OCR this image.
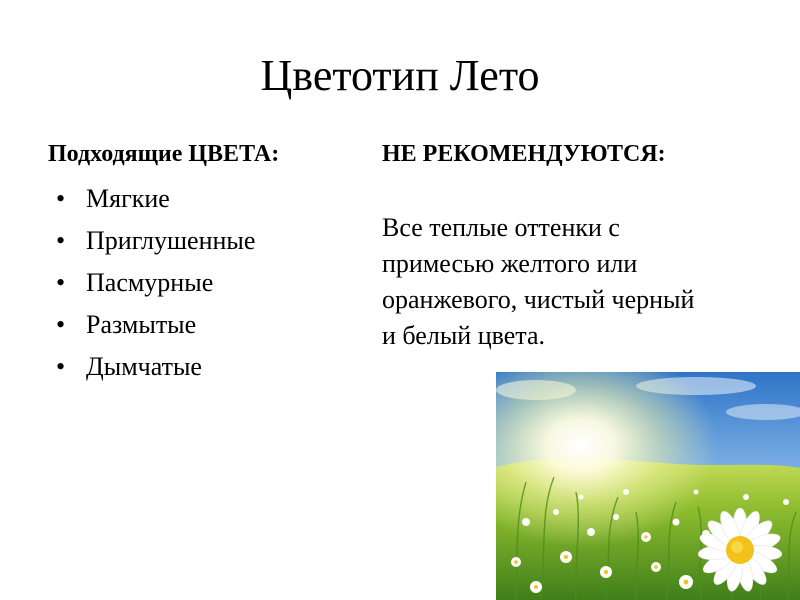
Цветотип Лето
Подходящие ЦВЕТА:
• Мягкие
• Приглушенные
• Пасмурные
• Размытые
• Дымчатые
НЕ РЕКОМЕНДУЮТСЯ:
Все теплые оттенки с
примесью желтого или
оранжевого, чистый черный
и белый цвета.
